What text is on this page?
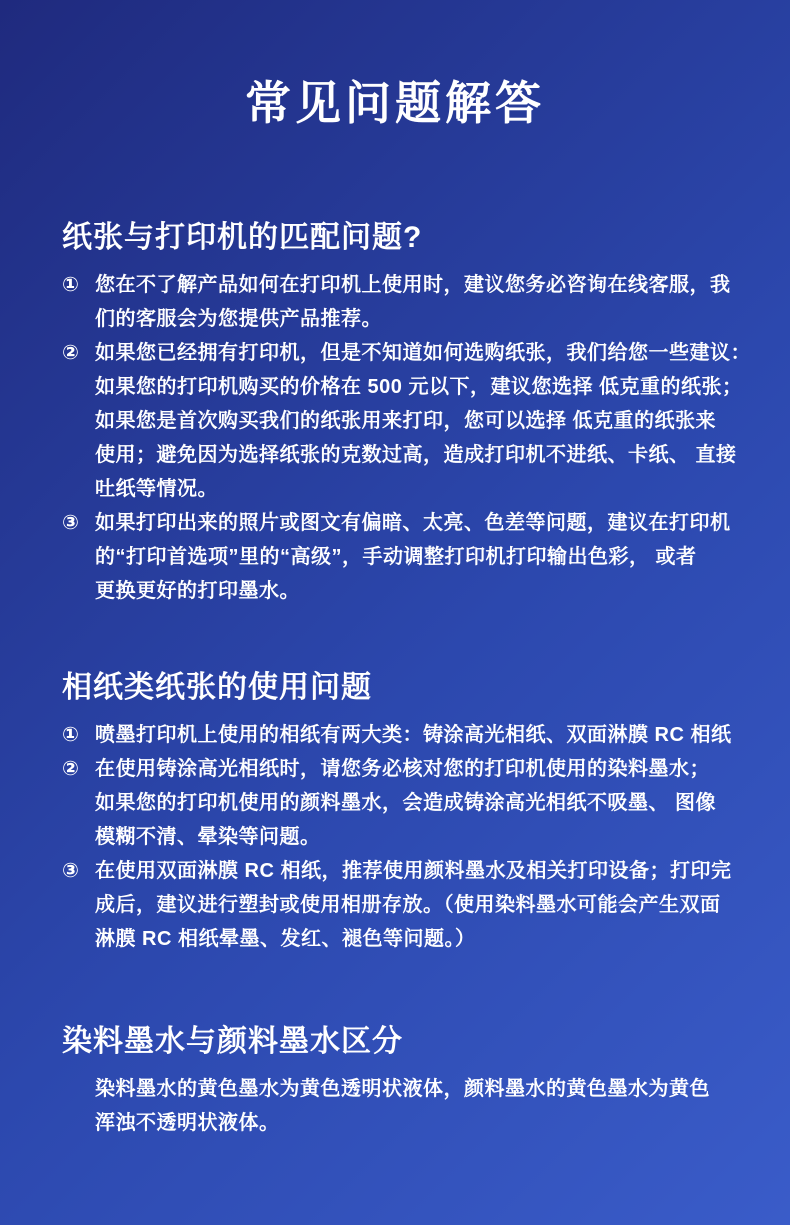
常见问题解答
纸张与打印机的匹配问题?
① 您在不了解产品如何在打印机上使用时，建议您务必咨询在线客服，我
们的客服会为您提供产品推荐。
② 如果您已经拥有打印机，但是不知道如何选购纸张，我们给您一些建议：
如果您的打印机购买的价格在 500 元以下，建议您选择 低克重的纸张；
如果您是首次购买我们的纸张用来打印，您可以选择 低克重的纸张来
使用；避免因为选择纸张的克数过高，造成打印机不进纸、卡纸、 直接
吐纸等情况。
③ 如果打印出来的照片或图文有偏暗、太亮、色差等问题，建议在打印机
的“打印首选项”里的“高级”，手动调整打印机打印输出色彩， 或者
更换更好的打印墨水。
相纸类纸张的使用问题
① 喷墨打印机上使用的相纸有两大类：铸涂高光相纸、双面淋膜 RC 相纸
② 在使用铸涂高光相纸时，请您务必核对您的打印机使用的染料墨水；
如果您的打印机使用的颜料墨水，会造成铸涂高光相纸不吸墨、 图像
模糊不清、晕染等问题。
③ 在使用双面淋膜 RC 相纸，推荐使用颜料墨水及相关打印设备；打印完
成后，建议进行塑封或使用相册存放。（使用染料墨水可能会产生双面
淋膜 RC 相纸晕墨、发红、褪色等问题。）
染料墨水与颜料墨水区分
染料墨水的黄色墨水为黄色透明状液体，颜料墨水的黄色墨水为黄色
浑浊不透明状液体。
